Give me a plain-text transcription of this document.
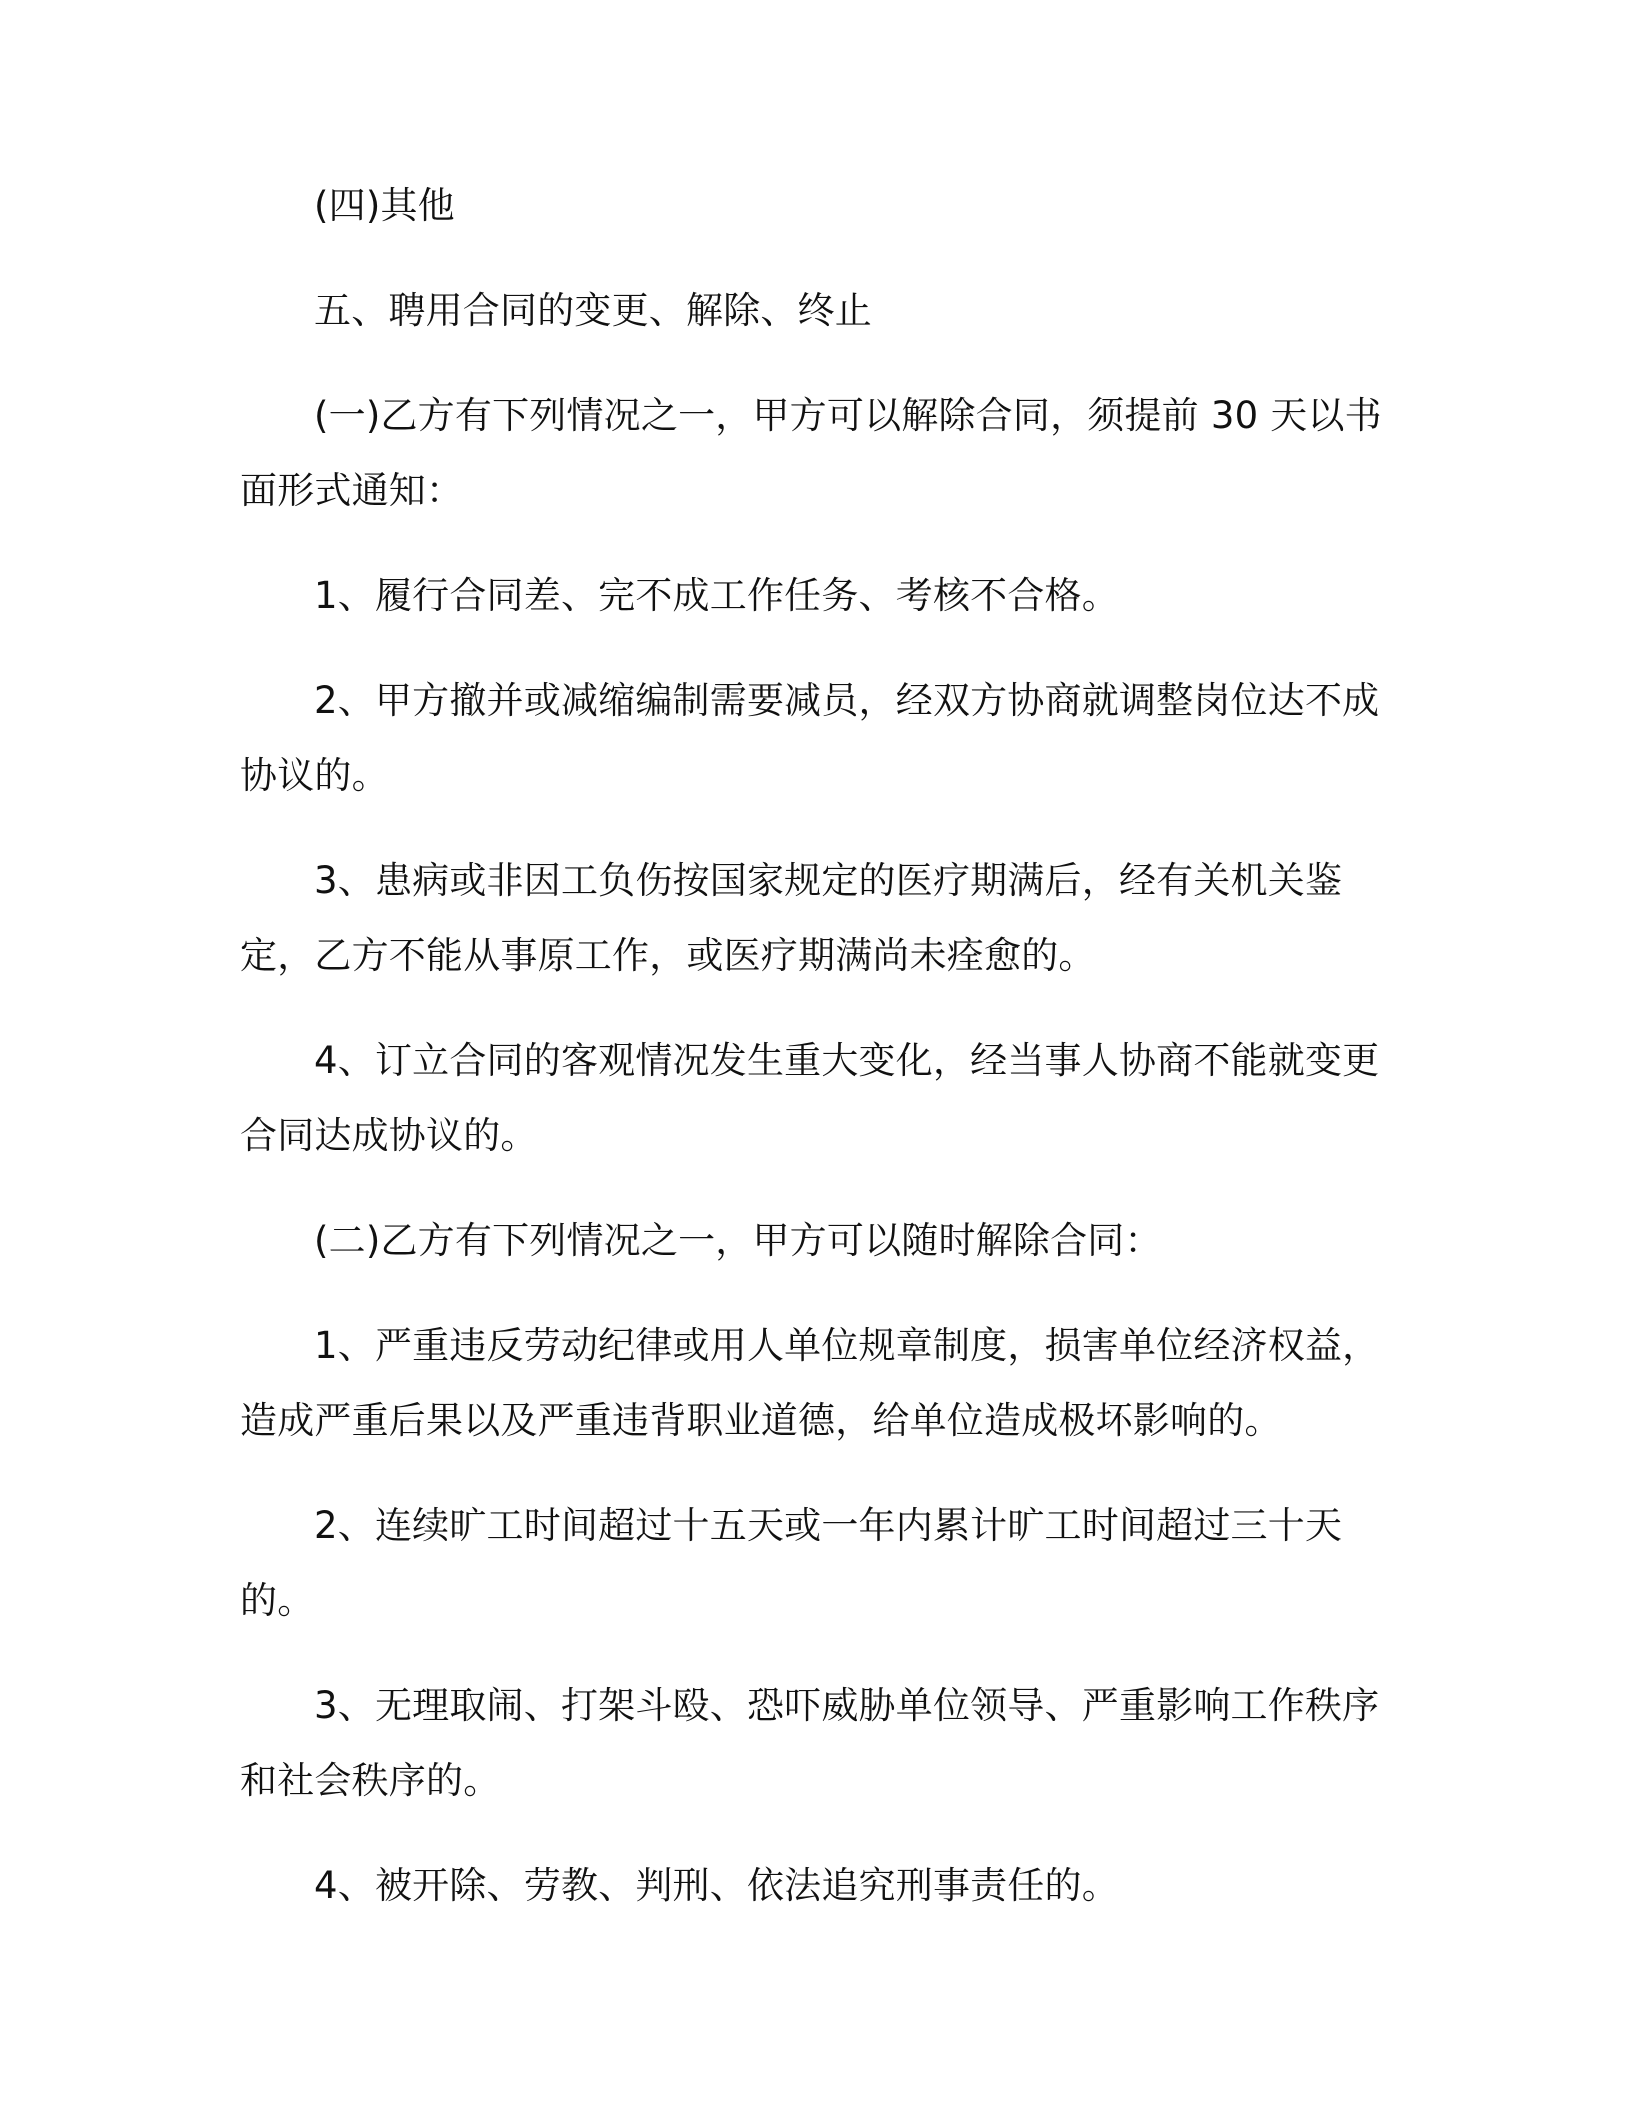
(四)其他

五、聘用合同的变更、解除、终止

(一)乙方有下列情况之一，甲方可以解除合同，须提前 30 天以书面形式通知：

1、履行合同差、完不成工作任务、考核不合格。

2、甲方撤并或减缩编制需要减员，经双方协商就调整岗位达不成协议的。

3、患病或非因工负伤按国家规定的医疗期满后，经有关机关鉴定，乙方不能从事原工作，或医疗期满尚未痊愈的。

4、订立合同的客观情况发生重大变化，经当事人协商不能就变更合同达成协议的。

(二)乙方有下列情况之一，甲方可以随时解除合同：

1、严重违反劳动纪律或用人单位规章制度，损害单位经济权益，造成严重后果以及严重违背职业道德，给单位造成极坏影响的。

2、连续旷工时间超过十五天或一年内累计旷工时间超过三十天的。

3、无理取闹、打架斗殴、恐吓威胁单位领导、严重影响工作秩序和社会秩序的。

4、被开除、劳教、判刑、依法追究刑事责任的。
